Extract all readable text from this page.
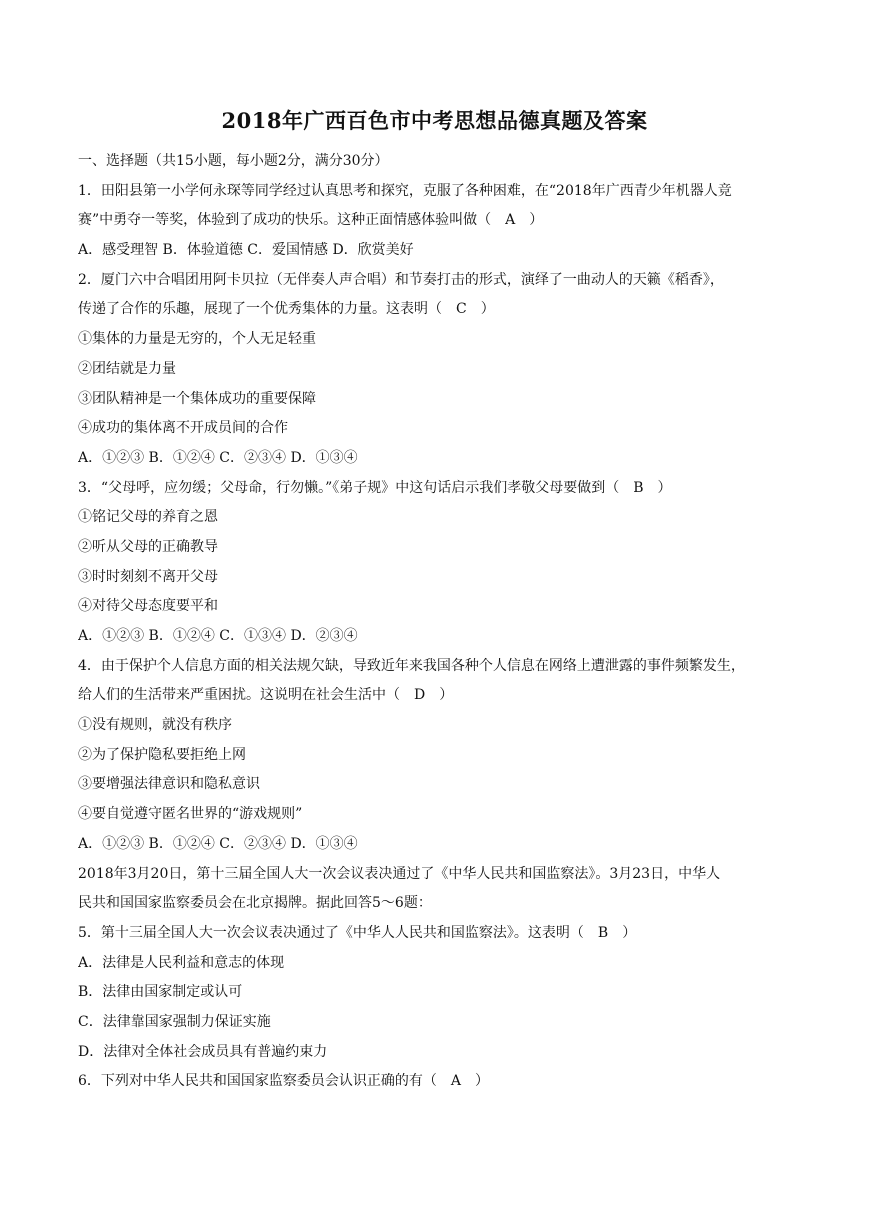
2018年广西百色市中考思想品德真题及答案
一、选择题（共15小题，每小题2分，满分30分）
1．田阳县第一小学何永琛等同学经过认真思考和探究，克服了各种困难，在“2018年广西青少年机器人竞
赛”中勇夺一等奖，体验到了成功的快乐。这种正面情感体验叫做（　A　）
A．感受理智 B．体验道德 C．爱国情感 D．欣赏美好
2．厦门六中合唱团用阿卡贝拉（无伴奏人声合唱）和节奏打击的形式，演绎了一曲动人的天籁《稻香》，
传递了合作的乐趣，展现了一个优秀集体的力量。这表明（　C　）
①集体的力量是无穷的，个人无足轻重
②团结就是力量
③团队精神是一个集体成功的重要保障
④成功的集体离不开成员间的合作
A．①②③ B．①②④ C．②③④ D．①③④
3．“父母呼，应勿缓；父母命，行勿懒。”《弟子规》中这句话启示我们孝敬父母要做到（　B　）
①铭记父母的养育之恩
②听从父母的正确教导
③时时刻刻不离开父母
④对待父母态度要平和
A．①②③ B．①②④ C．①③④ D．②③④
4．由于保护个人信息方面的相关法规欠缺，导致近年来我国各种个人信息在网络上遭泄露的事件频繁发生，
给人们的生活带来严重困扰。这说明在社会生活中（　D　）
①没有规则，就没有秩序
②为了保护隐私要拒绝上网
③要增强法律意识和隐私意识
④要自觉遵守匿名世界的“游戏规则”
A．①②③ B．①②④ C．②③④ D．①③④
2018年3月20日，第十三届全国人大一次会议表决通过了《中华人民共和国监察法》。3月23日，中华人
民共和国国家监察委员会在北京揭牌。据此回答5～6题：
5．第十三届全国人大一次会议表决通过了《中华人人民共和国监察法》。这表明（　B　）
A．法律是人民利益和意志的体现
B．法律由国家制定或认可
C．法律靠国家强制力保证实施
D．法律对全体社会成员具有普遍约束力
6．下列对中华人民共和国国家监察委员会认识正确的有（　A　）
